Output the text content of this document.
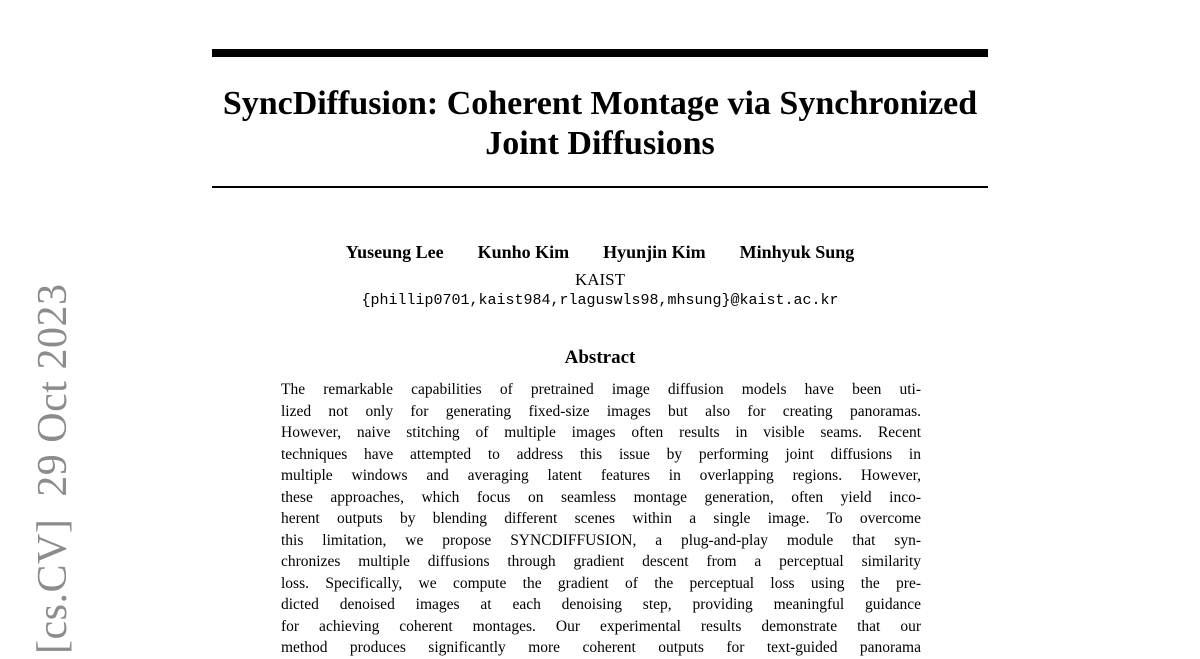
[cs.CV]  29 Oct 2023
SyncDiffusion: Coherent Montage via Synchronized
Joint Diffusions
Yuseung Lee Kunho Kim Hyunjin Kim Minhyuk Sung
KAIST
{phillip0701,kaist984,rlaguswls98,mhsung}@kaist.ac.kr
Abstract
The remarkable capabilities of pretrained image diffusion models have been uti-
lized not only for generating fixed-size images but also for creating panoramas.
However, naive stitching of multiple images often results in visible seams. Recent
techniques have attempted to address this issue by performing joint diffusions in
multiple windows and averaging latent features in overlapping regions. However,
these approaches, which focus on seamless montage generation, often yield inco-
herent outputs by blending different scenes within a single image. To overcome
this limitation, we propose SYNCDIFFUSION, a plug-and-play module that syn-
chronizes multiple diffusions through gradient descent from a perceptual similarity
loss. Specifically, we compute the gradient of the perceptual loss using the pre-
dicted denoised images at each denoising step, providing meaningful guidance
for achieving coherent montages. Our experimental results demonstrate that our
method produces significantly more coherent outputs for text-guided panorama
